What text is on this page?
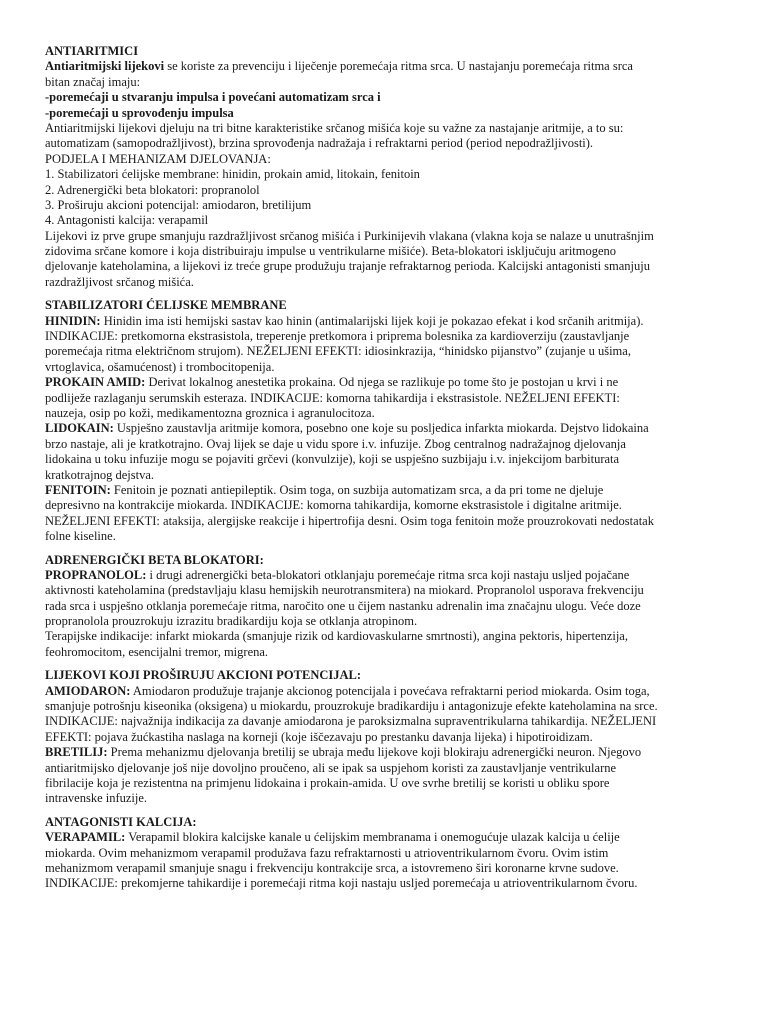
ANTIARITMICI
Antiaritmijski lijekovi se koriste za prevenciju i liječenje poremećaja ritma srca. U nastajanju poremećaja ritma srca
bitan značaj imaju:
-poremećaji u stvaranju impulsa i povećani automatizam srca i
-poremećaji u sprovođenju impulsa
Antiaritmijski lijekovi djeluju na tri bitne karakteristike srčanog mišića koje su važne za nastajanje aritmije, a to su:
automatizam (samopodražljivost), brzina sprovođenja nadražaja i refraktarni period (period nepodražljivosti).
PODJELA I MEHANIZAM DJELOVANJA:
1. Stabilizatori ćelijske membrane: hinidin, prokain amid, litokain, fenitoin
2. Adrenergički beta blokatori: propranolol
3. Proširuju akcioni potencijal: amiodaron, bretilijum
4. Antagonisti kalcija: verapamil
Lijekovi iz prve grupe smanjuju razdražljivost srčanog mišića i Purkinijevih vlakana (vlakna koja se nalaze u unutrašnjim
zidovima srčane komore i koja distribuiraju impulse u ventrikularne mišiće). Beta-blokatori isključuju aritmogeno
djelovanje kateholamina, a lijekovi iz treće grupe produžuju trajanje refraktarnog perioda. Kalcijski antagonisti smanjuju
razdražljivost srčanog mišića.
STABILIZATORI ĆELIJSKE MEMBRANE
HINIDIN: Hinidin ima isti hemijski sastav kao hinin (antimalarijski lijek koji je pokazao efekat i kod srčanih aritmija).
INDIKACIJE: pretkomorna ekstrasistola, treperenje pretkomora i priprema bolesnika za kardioverziju (zaustavljanje
poremećaja ritma električnom strujom). NEŽELJENI EFEKTI: idiosinkrazija, “hinidsko pijanstvo” (zujanje u ušima,
vrtoglavica, ošamućenost) i trombocitopenija.
PROKAIN AMID: Derivat lokalnog anestetika prokaina. Od njega se razlikuje po tome što je postojan u krvi i ne
podliježe razlaganju serumskih esteraza. INDIKACIJE: komorna tahikardija i ekstrasistole. NEŽELJENI EFEKTI:
nauzeja, osip po koži, medikamentozna groznica i agranulocitoza.
LIDOKAIN: Uspješno zaustavlja aritmije komora, posebno one koje su posljedica infarkta miokarda. Dejstvo lidokaina
brzo nastaje, ali je kratkotrajno. Ovaj lijek se daje u vidu spore i.v. infuzije. Zbog centralnog nadražajnog djelovanja
lidokaina u toku infuzije mogu se pojaviti grčevi (konvulzije), koji se uspješno suzbijaju i.v. injekcijom barbiturata
kratkotrajnog dejstva.
FENITOIN: Fenitoin je poznati antiepileptik. Osim toga, on suzbija automatizam srca, a da pri tome ne djeluje
depresivno na kontrakcije miokarda. INDIKACIJE: komorna tahikardija, komorne ekstrasistole i digitalne aritmije.
NEŽELJENI EFEKTI: ataksija, alergijske reakcije i hipertrofija desni. Osim toga fenitoin može prouzrokovati nedostatak
folne kiseline.
ADRENERGIČKI BETA BLOKATORI:
PROPRANOLOL: i drugi adrenergički beta-blokatori otklanjaju poremećaje ritma srca koji nastaju usljed pojačane
aktivnosti kateholamina (predstavljaju klasu hemijskih neurotransmitera) na miokard. Propranolol usporava frekvenciju
rada srca i uspješno otklanja poremećaje ritma, naročito one u čijem nastanku adrenalin ima značajnu ulogu. Veće doze
propranolola prouzrokuju izrazitu bradikardiju koja se otklanja atropinom.
Terapijske indikacije: infarkt miokarda (smanjuje rizik od kardiovaskularne smrtnosti), angina pektoris, hipertenzija,
feohromocitom, esencijalni tremor, migrena.
LIJEKOVI KOJI PROŠIRUJU AKCIONI POTENCIJAL:
AMIODARON: Amiodaron produžuje trajanje akcionog potencijala i povećava refraktarni period miokarda. Osim toga,
smanjuje potrošnju kiseonika (oksigena) u miokardu, prouzrokuje bradikardiju i antagonizuje efekte kateholamina na srce.
INDIKACIJE: najvažnija indikacija za davanje amiodarona je paroksizmalna supraventrikularna tahikardija. NEŽELJENI
EFEKTI: pojava žućkastiha naslaga na korneji (koje iščezavaju po prestanku davanja lijeka) i hipotiroidizam.
BRETILIJ: Prema mehanizmu djelovanja bretilij se ubraja među lijekove koji blokiraju adrenergički neuron. Njegovo
antiaritmijsko djelovanje još nije dovoljno proučeno, ali se ipak sa uspjehom koristi za zaustavljanje ventrikularne
fibrilacije koja je rezistentna na primjenu lidokaina i prokain-amida. U ove svrhe bretilij se koristi u obliku spore
intravenske infuzije.
ANTAGONISTI KALCIJA:
VERAPAMIL: Verapamil blokira kalcijske kanale u ćelijskim membranama i onemogućuje ulazak kalcija u ćelije
miokarda. Ovim mehanizmom verapamil produžava fazu refraktarnosti u atrioventrikularnom čvoru. Ovim istim
mehanizmom verapamil smanjuje snagu i frekvenciju kontrakcije srca, a istovremeno širi koronarne krvne sudove.
INDIKACIJE: prekomjerne tahikardije i poremećaji ritma koji nastaju usljed poremećaja u atrioventrikularnom čvoru.
